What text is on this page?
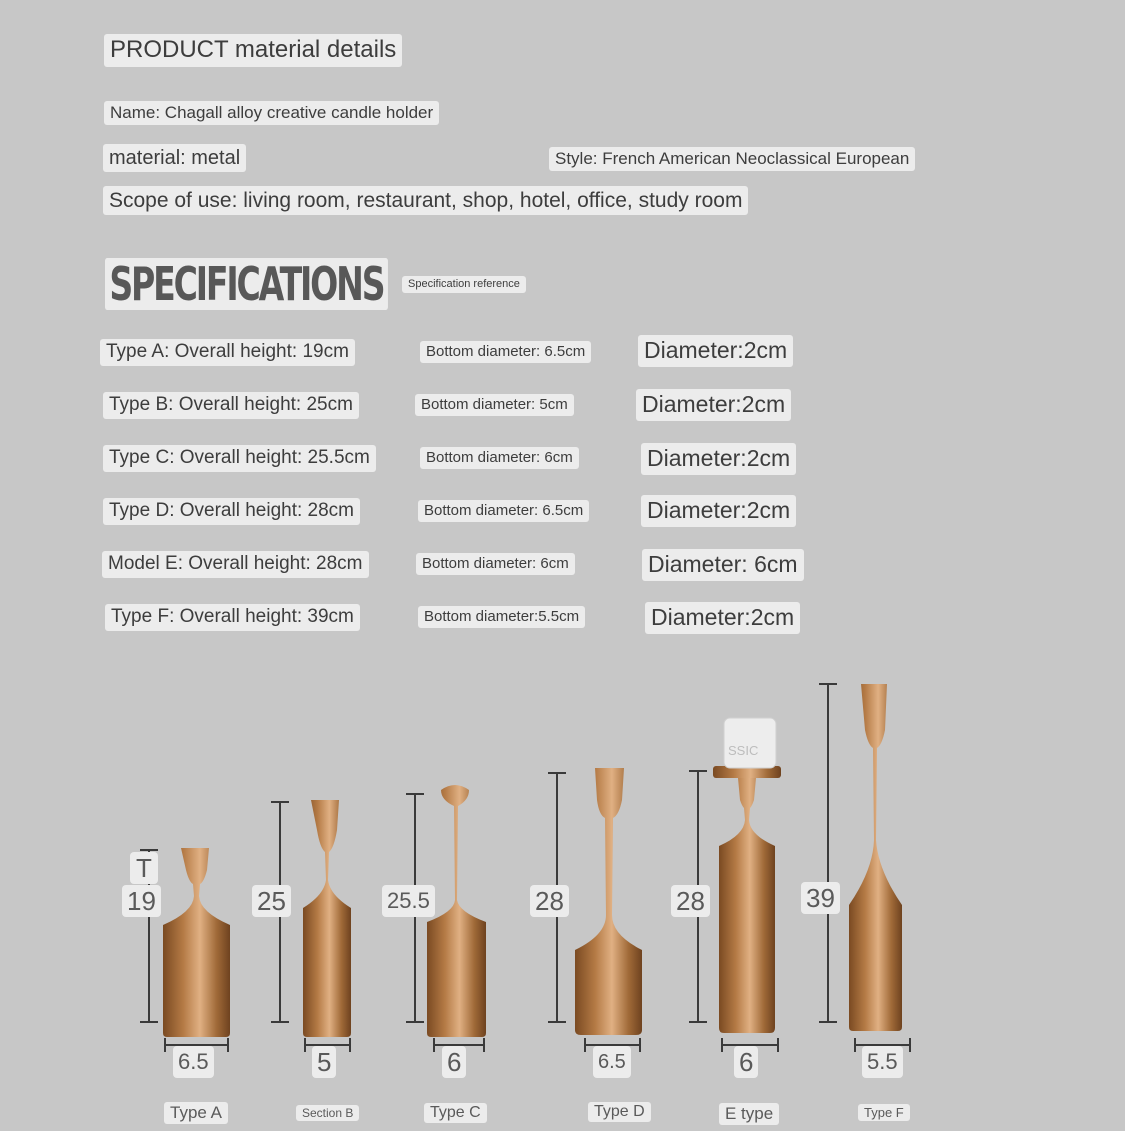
PRODUCT material details
Name: Chagall alloy creative candle holder
material: metal	Style: French American Neoclassical European
Scope of use: living room, restaurant, shop, hotel, office, study room
SPECIFICATIONS	Specification reference
Type A: Overall height: 19cm	Bottom diameter: 6.5cm	Diameter:2cm
Type B: Overall height: 25cm	Bottom diameter: 5cm	Diameter:2cm
Type C: Overall height: 25.5cm	Bottom diameter: 6cm	Diameter:2cm
Type D: Overall height: 28cm	Bottom diameter: 6.5cm	Diameter:2cm
Model E: Overall height: 28cm	Bottom diameter: 6cm	Diameter: 6cm
Type F: Overall height: 39cm	Bottom diameter:5.5cm	Diameter:2cm
SSIC
T
19	25	25.5	28	28	39
6.5	5	6	6.5	6	5.5
Type A	Section B	Type C	Type D	E type	Type F
